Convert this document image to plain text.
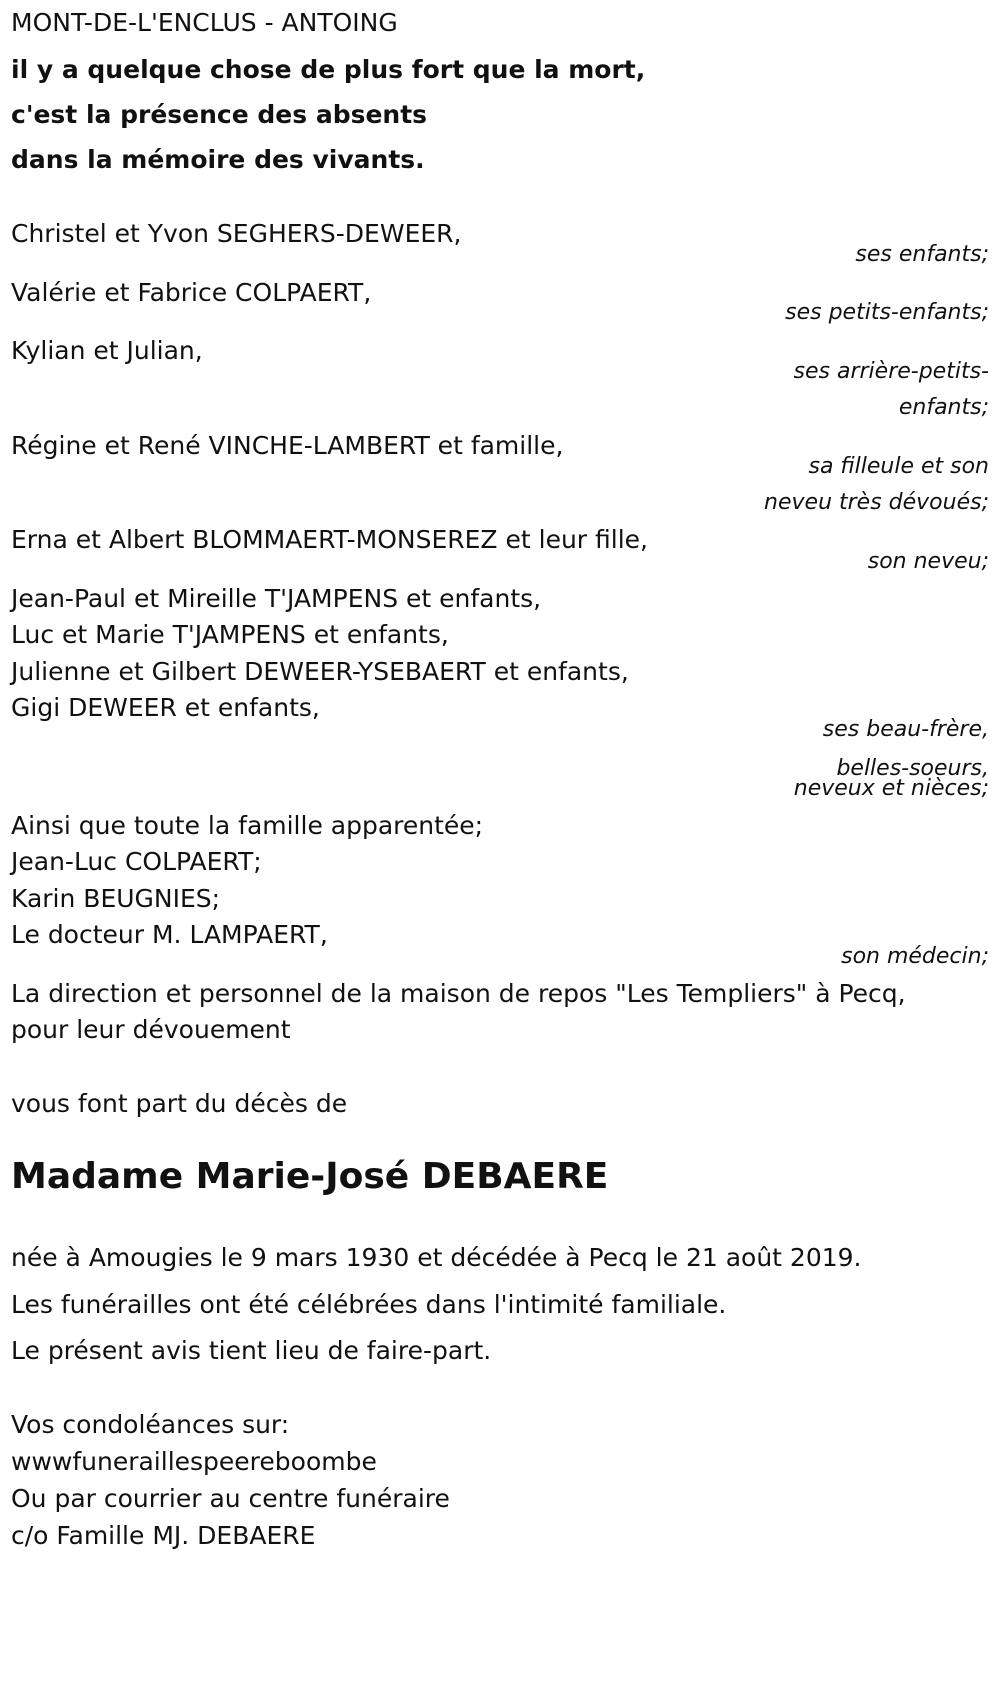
MONT-DE-L'ENCLUS - ANTOING
il y a quelque chose de plus fort que la mort,
c'est la présence des absents
dans la mémoire des vivants.
Christel et Yvon SEGHERS-DEWEER,
ses enfants;
Valérie et Fabrice COLPAERT,
ses petits-enfants;
Kylian et Julian,
ses arrière-petits-
enfants;
Régine et René VINCHE-LAMBERT et famille,
sa filleule et son
neveu très dévoués;
Erna et Albert BLOMMAERT-MONSEREZ et leur fille,
son neveu;
Jean-Paul et Mireille T'JAMPENS et enfants,
Luc et Marie T'JAMPENS et enfants,
Julienne et Gilbert DEWEER-YSEBAERT et enfants,
Gigi DEWEER et enfants,
ses beau-frère,
belles-soeurs,
neveux et nièces;
Ainsi que toute la famille apparentée;
Jean-Luc COLPAERT;
Karin BEUGNIES;
Le docteur M. LAMPAERT,
son médecin;
La direction et personnel de la maison de repos "Les Templiers" à Pecq,
pour leur dévouement
vous font part du décès de
Madame Marie-José DEBAERE
née à Amougies le 9 mars 1930 et décédée à Pecq le 21 août 2019.
Les funérailles ont été célébrées dans l'intimité familiale.
Le présent avis tient lieu de faire-part.
Vos condoléances sur:
wwwfuneraillespeereboombe
Ou par courrier au centre funéraire
c/o Famille MJ. DEBAERE
